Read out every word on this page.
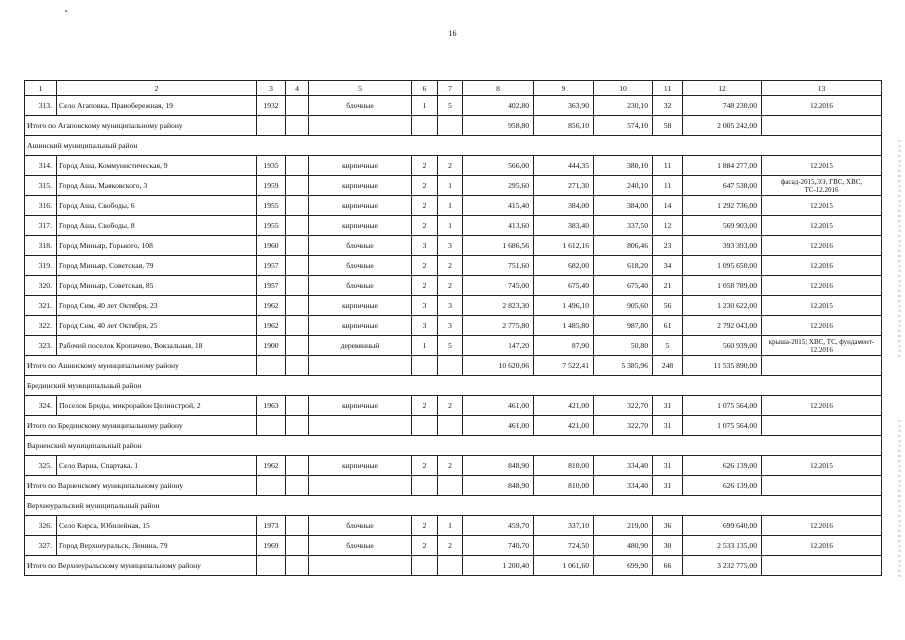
16
1	2	3	4	5	6	7	8	9	10	11	12	13
313.	Село Агаповка, Правобережная, 19	1932		блочные	1	5	402,80	363,90	230,10	32	748 230,00	12.2016
Итого по Агаповскому муниципальному району							958,80	856,10	574,10	58	2 005 242,00	
Ашинский муниципальный район												
314.	Город Аша, Коммунистическая, 9	1935		кирпичные	2	2	566,00	444,35	380,10	11	1 884 277,00	12.2015
315.	Город Аша, Маяковского, 3	1959		кирпичные	2	1	295,60	271,30	240,10	11	647 538,00	фасад-2015,ЭЭ, ГВС, ХВС, ТС-12.2016
316.	Город Аша, Свободы, 6	1955		кирпичные	2	1	415,40	384,00	384,00	14	1 292 736,00	12.2015
317.	Город Аша, Свободы, 8	1955		кирпичные	2	1	413,60	383,40	337,50	12	569 903,00	12.2015
318.	Город Миньяр, Горького, 108	1960		блочные	3	3	1 686,56	1 612,16	806,46	23	393 393,00	12.2016
319.	Город Миньяр, Советская, 79	1957		блочные	2	2	751,60	682,00	618,20	34	1 095 650,00	12.2016
320.	Город Миньяр, Советская, 85	1957		блочные	2	2	745,00	675,40	675,40	21	1 058 789,00	12.2016
321.	Город Сим, 40 лет Октября, 23	1962		кирпичные	3	3	2 823,30	1 496,10	905,60	56	1 230 622,00	12.2015
322.	Город Сим, 40 лет Октября, 25	1962		кирпичные	3	3	2 775,80	1 485,80	987,80	61	2 792 043,00	12.2016
323.	Рабочий поселок Кропачево, Вокзальная, 18	1900		деревянный	1	5	147,20	87,90	50,80	5	560 939,00	крыша-2015; ХВС, ТС, фундамент- 12.2016
Итого по Ашинскому муниципальному району							10 620,06	7 522,41	5 385,96	248	11 535 890,00	
Брединский муниципальный район												
324.	Поселок Бреды, микрорайон Целинстрой, 2	1963		кирпичные	2	2	461,00	421,00	322,70	31	1 075 564,00	12.2016
Итого по Брединскому муниципальному району							461,00	421,00	322,70	31	1 075 564,00	
Варненский муниципальный район												
325.	Село Варна, Спартака, 1	1962		кирпичные	2	2	848,90	810,00	334,40	31	626 139,00	12.2015
Итого по Варненскому муниципальному району							848,90	810,00	334,40	31	626 139,00	
Верхнеуральский муниципальный район												
326.	Село Кирса, Юбилейная, 15	1973		блочные	2	1	459,70	337,10	219,00	36	699 640,00	12.2016
327.	Город Верхнеуральск, Ленина, 79	1969		блочные	2	2	740,70	724,50	480,90	30	2 533 135,00	12.2016
Итого по Верхнеуральскому муниципальному району							1 200,40	1 061,60	699,90	66	3 232 775,00	
